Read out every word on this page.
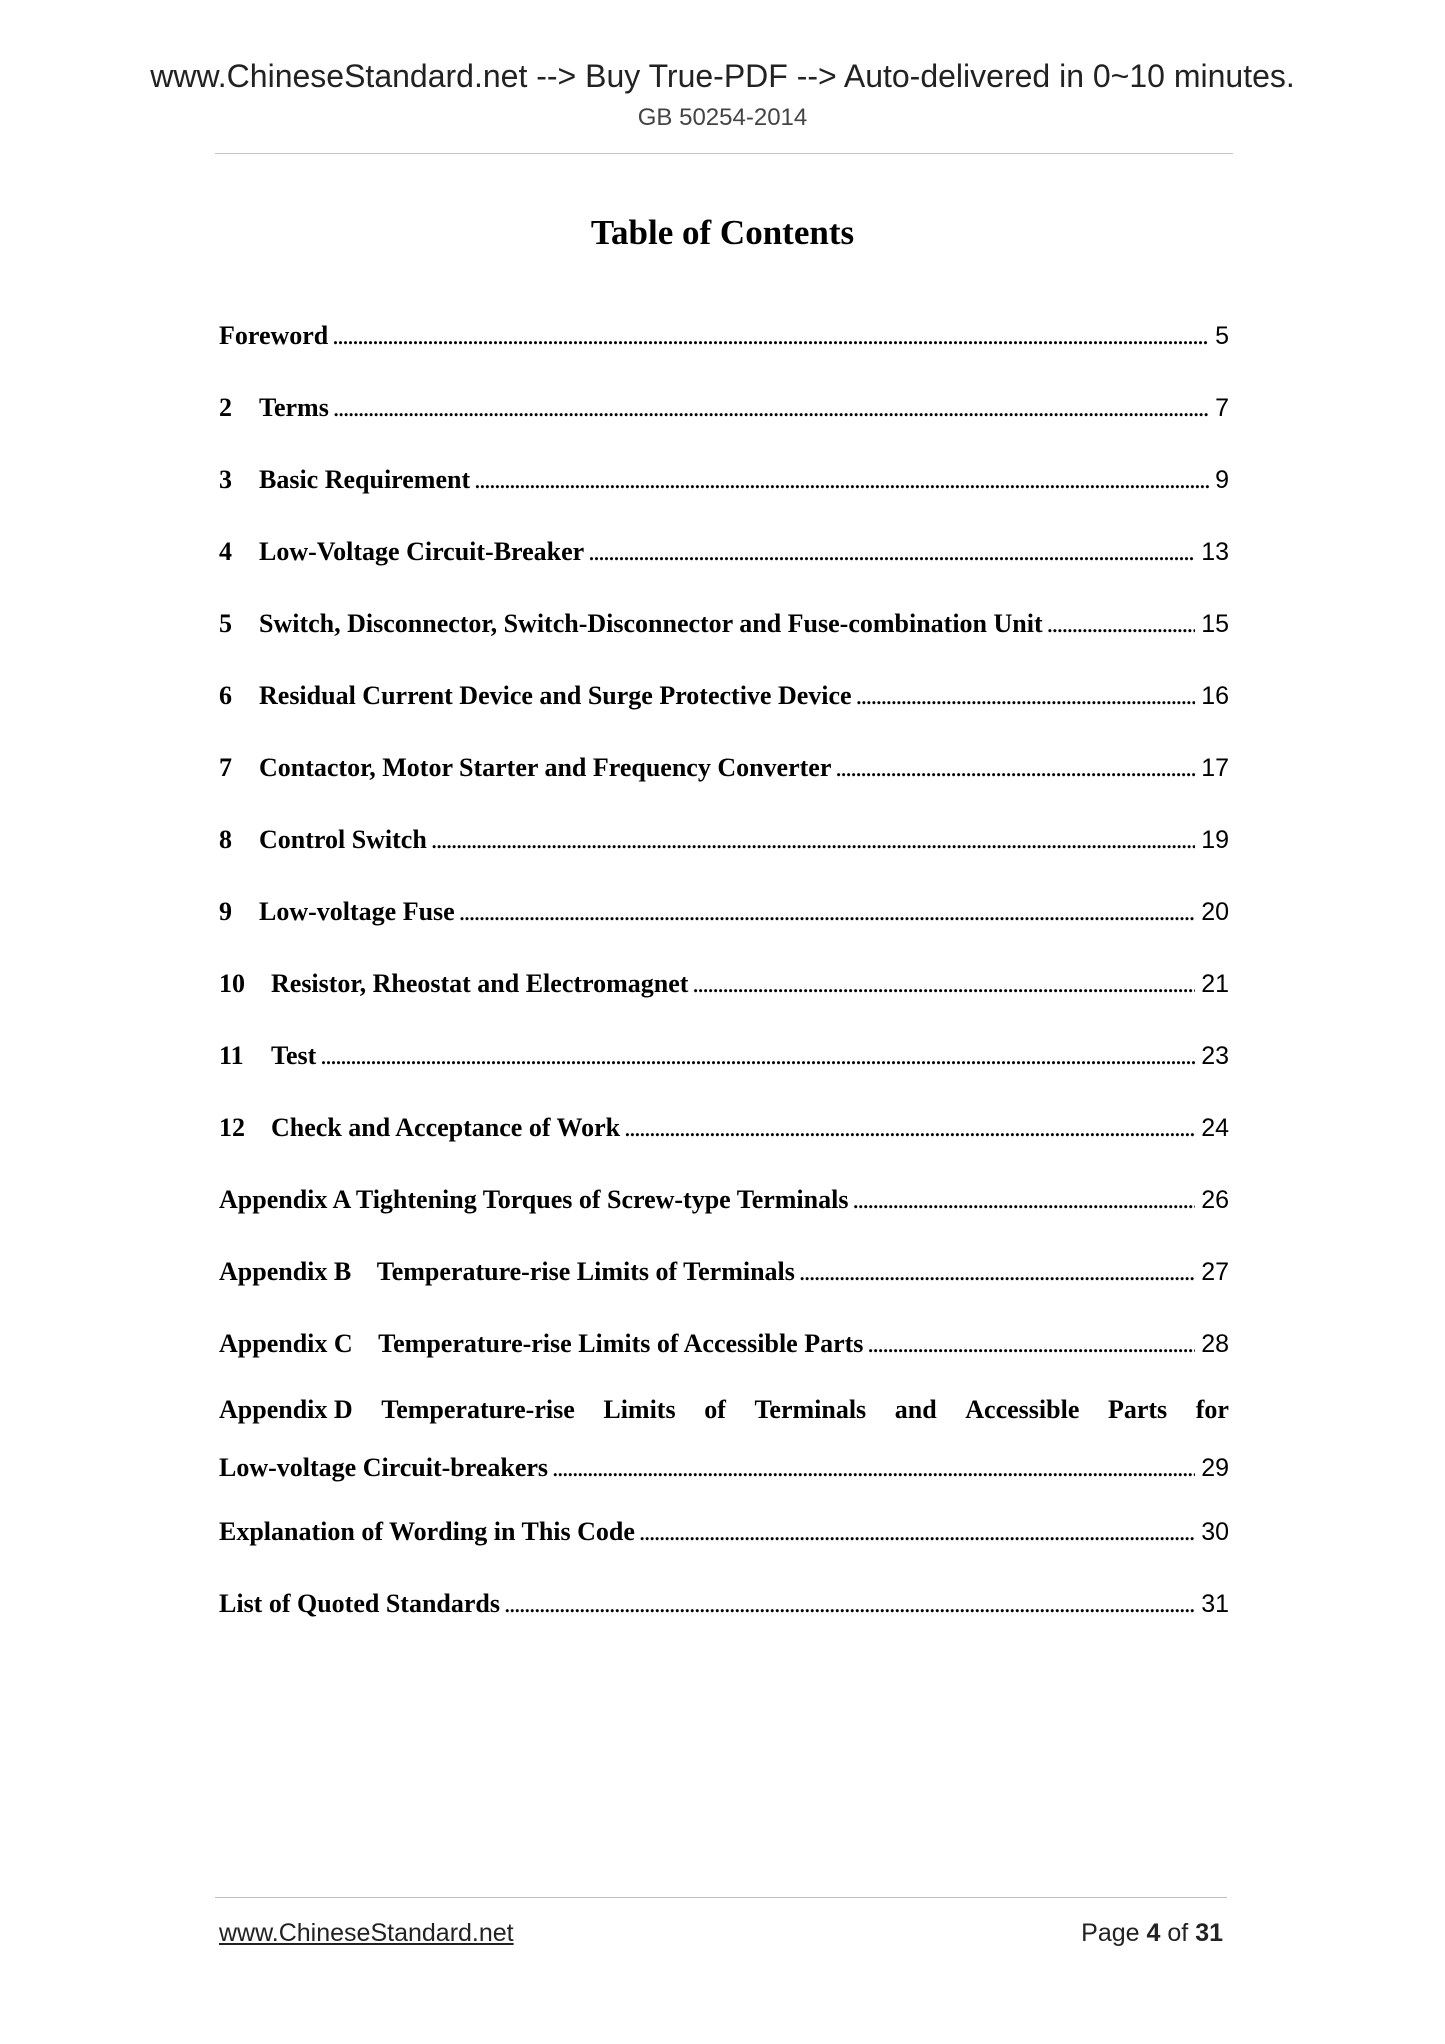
www.ChineseStandard.net --> Buy True-PDF --> Auto-delivered in 0~10 minutes.
GB 50254-2014
Table of Contents
Foreword . . .	5
2	Terms . . .	7
3	Basic Requirement . . .	9
4	Low-Voltage Circuit-Breaker . . .	13
5	Switch, Disconnector, Switch-Disconnector and Fuse-combination Unit . . .	15
6	Residual Current Device and Surge Protective Device . . .	16
7	Contactor, Motor Starter and Frequency Converter . . .	17
8	Control Switch . . .	19
9	Low-voltage Fuse . . .	20
10	Resistor, Rheostat and Electromagnet . . .	21
11	Test . . .	23
12	Check and Acceptance of Work . . .	24
Appendix A Tightening Torques of Screw-type Terminals . . .	26
Appendix B    Temperature-rise Limits of Terminals . . .	27
Appendix C    Temperature-rise Limits of Accessible Parts . . .	28
Appendix D Temperature-rise Limits of Terminals and Accessible Parts for
Low-voltage Circuit-breakers . . .	29
Explanation of Wording in This Code . . .	30
List of Quoted Standards . . .	31
www.ChineseStandard.net	Page 4 of 31
